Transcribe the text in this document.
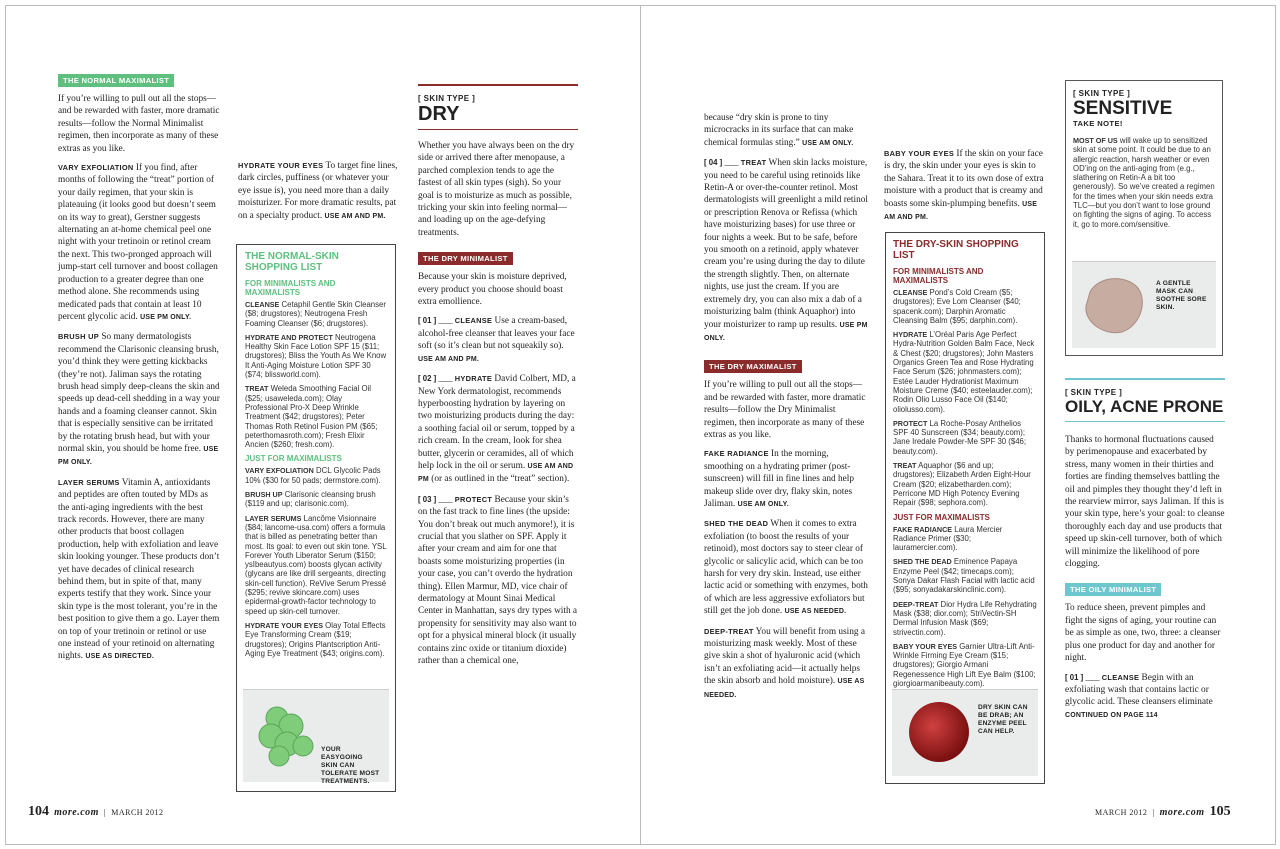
THE NORMAL MAXIMALIST

If you’re willing to pull out all the stops—and be rewarded with faster, more dramatic results—follow the Normal Minimalist regimen, then incorporate as many of these extras as you like.

VARY EXFOLIATION If you find, after months of following the “treat” portion of your daily regimen, that your skin is plateauing (it looks good but doesn’t seem on its way to great), Gerstner suggests alternating an at-home chemical peel one night with your tretinoin or retinol cream the next. This two-pronged approach will jump-start cell turnover and boost collagen production to a greater degree than one method alone. She recommends using medicated pads that contain at least 10 percent glycolic acid. USE PM ONLY.

BRUSH UP So many dermatologists recommend the Clarisonic cleansing brush, you’d think they were getting kickbacks (they’re not). Jaliman says the rotating brush head simply deep-cleans the skin and speeds up dead-cell shedding in a way your hands and a foaming cleanser cannot. Skin that is especially sensitive can be irritated by the rotating brush head, but with your normal skin, you should be home free. USE PM ONLY.

LAYER SERUMS Vitamin A, antioxidants and peptides are often touted by MDs as the anti-aging ingredients with the best track records. However, there are many other products that boost collagen production, help with exfoliation and leave skin looking younger. These products don’t yet have decades of clinical research behind them, but in spite of that, many experts testify that they work. Since your skin type is the most tolerant, you’re in the best position to give them a go. Layer them on top of your tretinoin or retinol or use one instead of your retinoid on alternating nights. USE AS DIRECTED.

HYDRATE YOUR EYES To target fine lines, dark circles, puffiness (or whatever your eye issue is), you need more than a daily moisturizer. For more dramatic results, pat on a specialty product. USE AM AND PM.

THE NORMAL-SKIN SHOPPING LIST
FOR MINIMALISTS AND MAXIMALISTS

CLEANSE Cetaphil Gentle Skin Cleanser ($8; drugstores); Neutrogena Fresh Foaming Cleanser ($6; drugstores).

HYDRATE AND PROTECT Neutrogena Healthy Skin Face Lotion SPF 15 ($11; drugstores); Bliss the Youth As We Know It Anti-Aging Moisture Lotion SPF 30 ($74; blissworld.com).

TREAT Weleda Smoothing Facial Oil ($25; usaweleda.com); Olay Professional Pro-X Deep Wrinkle Treatment ($42; drugstores); Peter Thomas Roth Retinol Fusion PM ($65; peterthomasroth.com); Fresh Elixir Ancien ($260; fresh.com).

JUST FOR MAXIMALISTS

VARY EXFOLIATION DCL Glycolic Pads 10% ($30 for 50 pads; dermstore.com).

BRUSH UP Clarisonic cleansing brush ($119 and up; clarisonic.com).

LAYER SERUMS Lancôme Visionnaire ($84; lancome-usa.com) offers a formula that is billed as penetrating better than most. Its goal: to even out skin tone. YSL Forever Youth Liberator Serum ($150; ysIbeautyus.com) boosts glycan activity (glycans are like drill sergeants, directing skin-cell function). ReVive Serum Pressé ($295; revive skincare.com) uses epidermal-growth-factor technology to speed up skin-cell turnover.

HYDRATE YOUR EYES Olay Total Effects Eye Transforming Cream ($19; drugstores); Origins Plantscription Anti-Aging Eye Treatment ($43; origins.com).

YOUR EASYGOING SKIN CAN TOLERATE MOST TREATMENTS.
[ SKIN TYPE ]
DRY

Whether you have always been on the dry side or arrived there after menopause, a parched complexion tends to age the fastest of all skin types (sigh). So your goal is to moisturize as much as possible, tricking your skin into feeling normal—and loading up on the age-defying treatments.

THE DRY MINIMALIST

Because your skin is moisture deprived, every product you choose should boast extra emollience.

[ 01 ] ___ CLEANSE Use a cream-based, alcohol-free cleanser that leaves your face soft (so it’s clean but not squeakily so). USE AM AND PM.

[ 02 ] ___ HYDRATE David Colbert, MD, a New York dermatologist, recommends hyperboosting hydration by layering on two moisturizing products during the day: a soothing facial oil or serum, topped by a rich cream. In the cream, look for shea butter, glycerin or ceramides, all of which help lock in the oil or serum. USE AM AND PM (or as outlined in the “treat” section).

[ 03 ] ___ PROTECT Because your skin’s on the fast track to fine lines (the upside: You don’t break out much anymore!), it is crucial that you slather on SPF. Apply it after your cream and aim for one that boasts some moisturizing properties (in your case, you can’t overdo the hydration thing). Ellen Marmur, MD, vice chair of dermatology at Mount Sinai Medical Center in Manhattan, says dry types with a propensity for sensitivity may also want to opt for a physical mineral block (it usually contains zinc oxide or titanium dioxide) rather than a chemical one,

104 more.com | MARCH 2012

because “dry skin is prone to tiny microcracks in its surface that can make chemical formulas sting.” USE AM ONLY.

[ 04 ] ___ TREAT When skin lacks moisture, you need to be careful using retinoids like Retin-A or over-the-counter retinol. Most dermatologists will greenlight a mild retinol or prescription Renova or Refissa (which have moisturizing bases) for use three or four nights a week. But to be safe, before you smooth on a retinoid, apply whatever cream you’re using during the day to dilute the strength slightly. Then, on alternate nights, use just the cream. If you are extremely dry, you can also mix a dab of a moisturizing balm (think Aquaphor) into your moisturizer to ramp up results. USE PM ONLY.

THE DRY MAXIMALIST

If you’re willing to pull out all the stops—and be rewarded with faster, more dramatic results—follow the Dry Minimalist regimen, then incorporate as many of these extras as you like.

FAKE RADIANCE In the morning, smoothing on a hydrating primer (post-sunscreen) will fill in fine lines and help makeup slide over dry, flaky skin, notes Jaliman. USE AM ONLY.

SHED THE DEAD When it comes to extra exfoliation (to boost the results of your retinoid), most doctors say to steer clear of glycolic or salicylic acid, which can be too harsh for very dry skin. Instead, use either lactic acid or something with enzymes, both of which are less aggressive exfoliators but still get the job done. USE AS NEEDED.

DEEP-TREAT You will benefit from using a moisturizing mask weekly. Most of these give skin a shot of hyaluronic acid (which isn’t an exfoliating acid—it actually helps the skin absorb and hold moisture). USE AS NEEDED.

BABY YOUR EYES If the skin on your face is dry, the skin under your eyes is skin to the Sahara. Treat it to its own dose of extra moisture with a product that is creamy and boasts some skin-plumping benefits. USE AM AND PM.

THE DRY-SKIN SHOPPING LIST
FOR MINIMALISTS AND MAXIMALISTS

CLEANSE Pond’s Cold Cream ($5; drugstores); Eve Lom Cleanser ($40; spacenk.com); Darphin Aromatic Cleansing Balm ($95; darphin.com).

HYDRATE L’Oréal Paris Age Perfect Hydra-Nutrition Golden Balm Face, Neck & Chest ($20; drugstores); John Masters Organics Green Tea and Rose Hydrating Face Serum ($26; johnmasters.com); Estée Lauder Hydrationist Maximum Moisture Creme ($40; esteelauder.com); Rodin Olio Lusso Face Oil ($140; oliolusso.com).

PROTECT La Roche-Posay Anthelios SPF 40 Sunscreen ($34; beauty.com); Jane Iredale Powder-Me SPF 30 ($46; beauty.com).

TREAT Aquaphor ($6 and up; drugstores); Elizabeth Arden Eight-Hour Cream ($20; elizabetharden.com); Perricone MD High Potency Evening Repair ($98; sephora.com).

JUST FOR MAXIMALISTS

FAKE RADIANCE Laura Mercier Radiance Primer ($30; lauramercier.com).

SHED THE DEAD Eminence Papaya Enzyme Peel ($42; timecaps.com); Sonya Dakar Flash Facial with lactic acid ($95; sonyadakarskinclinic.com).

DEEP-TREAT Dior Hydra Life Rehydrating Mask ($38; dior.com); StriVectin-SH Dermal Infusion Mask ($69; strivectin.com).

BABY YOUR EYES Garnier Ultra-Lift Anti-Wrinkle Firming Eye Cream ($15; drugstores); Giorgio Armani Regenessence High Lift Eye Balm ($100; giorgioarmanibeauty.com).

DRY SKIN CAN BE DRAB; AN ENZYME PEEL CAN HELP.
[ SKIN TYPE ]
SENSITIVE
TAKE NOTE!

MOST OF US will wake up to sensitized skin at some point. It could be due to an allergic reaction, harsh weather or even OD’ing on the anti-aging from (e.g., slathering on Retin-A a bit too generously). So we’ve created a regimen for the times when your skin needs extra TLC—but you don’t want to lose ground on fighting the signs of aging. To access it, go to more.com/sensitive.

A GENTLE MASK CAN SOOTHE SORE SKIN.
[ SKIN TYPE ]
OILY, ACNE PRONE

Thanks to hormonal fluctuations caused by perimenopause and exacerbated by stress, many women in their thirties and forties are finding themselves battling the oil and pimples they thought they’d left in the rearview mirror, says Jaliman. If this is your skin type, here’s your goal: to cleanse thoroughly each day and use products that speed up skin-cell turnover, both of which will minimize the likelihood of pore clogging.

THE OILY MINIMALIST

To reduce sheen, prevent pimples and fight the signs of aging, your routine can be as simple as one, two, three: a cleanser plus one product for day and another for night.

[ 01 ] ___ CLEANSE Begin with an exfoliating wash that contains lactic or glycolic acid. These cleansers eliminate CONTINUED ON PAGE 114

MARCH 2012 | more.com 105
